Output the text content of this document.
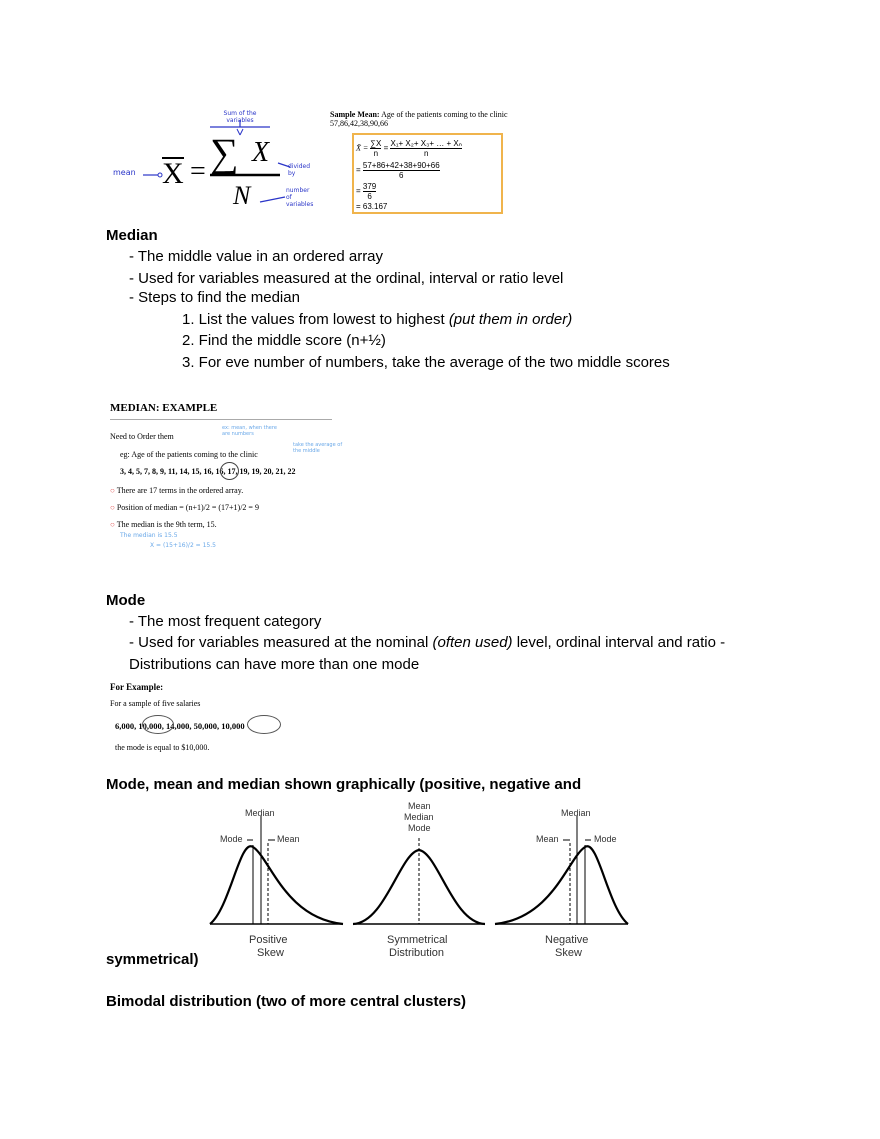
Sum of the variables
mean X = ∑ X
N
divided by
number of variables
Sample Mean: Age of the patients coming to the clinic
57,86,42,38,90,66
X̄ = $\frac{\sum X}{n} = \frac{\text{X₁+ X₂+ X₃+ … + Xₙ}}{n}$
= $\frac{57+86+42+38+90+66}{6}$
= $\frac{379}{6}$
= 63.167
Median
- The middle value in an ordered array
- Used for variables measured at the ordinal, interval or ratio level
- Steps to find the median
1. List the values from lowest to highest (put them in order)
2. Find the middle score (n+½)
3. For eve number of numbers, take the average of the two middle scores
MEDIAN: EXAMPLE
Need to Order them
eg: Age of the patients coming to the clinic
3, 4, 5, 7, 8, 9, 11, 14, 15, 16, 16, 17, 19, 19, 20, 21, 22
○ There are 17 terms in the ordered array.
○ Position of median = (n+1)/2 = (17+1)/2 = 9
○ The median is the 9th term, 15.
ex: mean, when there are numbers
take the average of the middle
The median is 15.5
X = (15+16)/2 = 15.5
Mode
- The most frequent category
- Used for variables measured at the nominal (often used) level, ordinal interval and ratio -
Distributions can have more than one mode
For Example:
For a sample of five salaries
6,000, 10,000, 14,000, 50,000, 10,000
the mode is equal to $10,000.
Mode, mean and median shown graphically (positive, negative and
Median
Mode	Mean
Positive
Skew
Mean
Median
Mode
Symmetrical
Distribution
Median
Mean	Mode
Negative
Skew
symmetrical)
Bimodal distribution (two of more central clusters)
